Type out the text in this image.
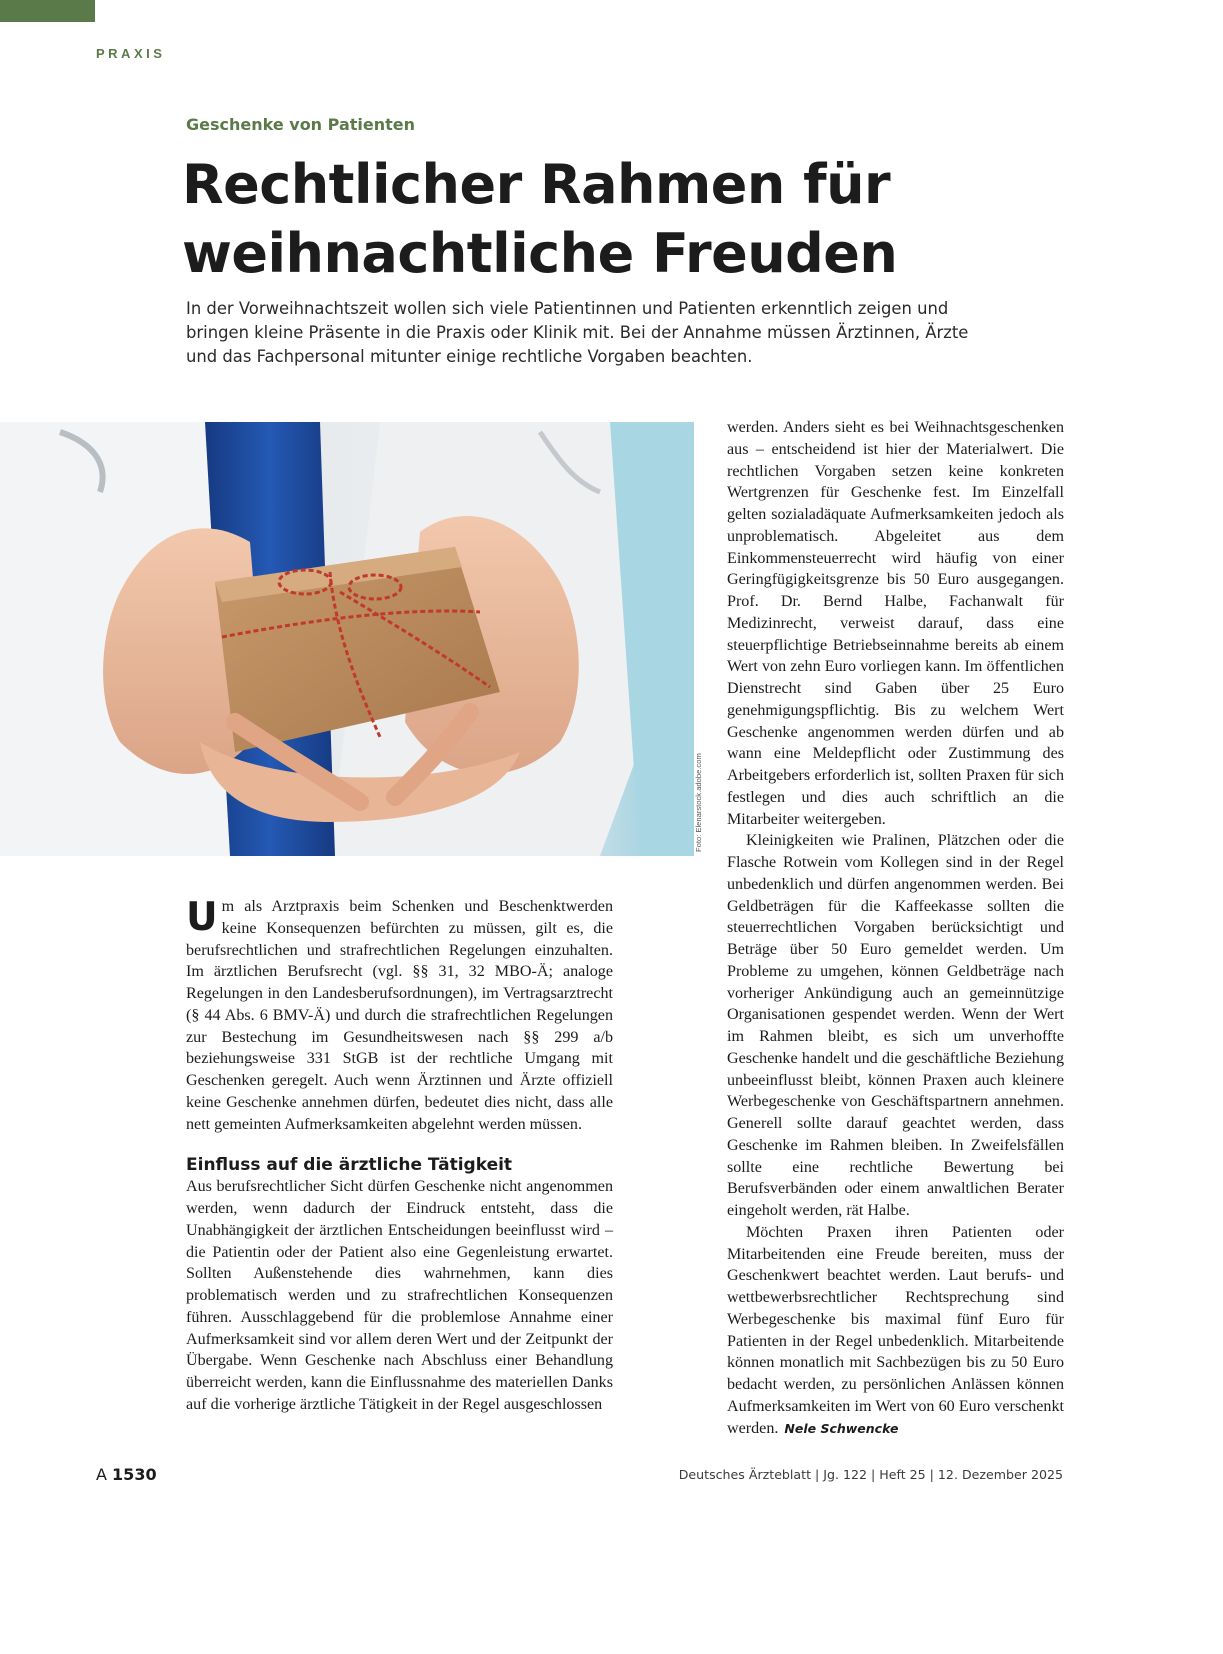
PRAXIS
Geschenke von Patienten
Rechtlicher Rahmen für
weihnachtliche Freuden

In der Vorweihnachtszeit wollen sich viele Patientinnen und Patienten erkenntlich zeigen und bringen kleine Präsente in die Praxis oder Klinik mit. Bei der Annahme müssen Ärztinnen, Ärzte und das Fachpersonal mitunter einige rechtliche Vorgaben beachten.

Foto: Elenarstock.adobe.com

Um als Arztpraxis beim Schenken und Beschenktwerden keine Konsequenzen befürchten zu müssen, gilt es, die berufsrechtlichen und strafrechtlichen Regelungen einzuhalten. Im ärztlichen Berufsrecht (vgl. §§ 31, 32 MBO-Ä; analoge Regelungen in den Landesberufsordnungen), im Vertragsarztrecht (§ 44 Abs. 6 BMV-Ä) und durch die strafrechtlichen Regelungen zur Bestechung im Gesundheitswesen nach §§ 299 a/b beziehungsweise 331 StGB ist der rechtliche Umgang mit Geschenken geregelt. Auch wenn Ärztinnen und Ärzte offiziell keine Geschenke annehmen dürfen, bedeutet dies nicht, dass alle nett gemeinten Aufmerksamkeiten abgelehnt werden müssen.

Einfluss auf die ärztliche Tätigkeit

Aus berufsrechtlicher Sicht dürfen Geschenke nicht angenommen werden, wenn dadurch der Eindruck entsteht, dass die Unabhängigkeit der ärztlichen Entscheidungen beeinflusst wird – die Patientin oder der Patient also eine Gegenleistung erwartet. Sollten Außenstehende dies wahrnehmen, kann dies problematisch werden und zu strafrechtlichen Konsequenzen führen. Ausschlaggebend für die problemlose Annahme einer Aufmerksamkeit sind vor allem deren Wert und der Zeitpunkt der Übergabe. Wenn Geschenke nach Abschluss einer Behandlung überreicht werden, kann die Einflussnahme des materiellen Danks auf die vorherige ärztliche Tätigkeit in der Regel ausgeschlossen

werden. Anders sieht es bei Weihnachtsgeschenken aus – entscheidend ist hier der Materialwert. Die rechtlichen Vorgaben setzen keine konkreten Wertgrenzen für Geschenke fest. Im Einzelfall gelten sozialadäquate Aufmerksamkeiten jedoch als unproblematisch. Abgeleitet aus dem Einkommensteuerrecht wird häufig von einer Geringfügigkeitsgrenze bis 50 Euro ausgegangen. Prof. Dr. Bernd Halbe, Fachanwalt für Medizinrecht, verweist darauf, dass eine steuerpflichtige Betriebseinnahme bereits ab einem Wert von zehn Euro vorliegen kann. Im öffentlichen Dienstrecht sind Gaben über 25 Euro genehmigungspflichtig. Bis zu welchem Wert Geschenke angenommen werden dürfen und ab wann eine Meldepflicht oder Zustimmung des Arbeitgebers erforderlich ist, sollten Praxen für sich festlegen und dies auch schriftlich an die Mitarbeiter weitergeben.

Kleinigkeiten wie Pralinen, Plätzchen oder die Flasche Rotwein vom Kollegen sind in der Regel unbedenklich und dürfen angenommen werden. Bei Geldbeträgen für die Kaffeekasse sollten die steuerrechtlichen Vorgaben berücksichtigt und Beträge über 50 Euro gemeldet werden. Um Probleme zu umgehen, können Geldbeträge nach vorheriger Ankündigung auch an gemeinnützige Organisationen gespendet werden. Wenn der Wert im Rahmen bleibt, es sich um unverhoffte Geschenke handelt und die geschäftliche Beziehung unbeeinflusst bleibt, können Praxen auch kleinere Werbegeschenke von Geschäftspartnern annehmen. Generell sollte darauf geachtet werden, dass Geschenke im Rahmen bleiben. In Zweifelsfällen sollte eine rechtliche Bewertung bei Berufsverbänden oder einem anwaltlichen Berater eingeholt werden, rät Halbe.

Möchten Praxen ihren Patienten oder Mitarbeitenden eine Freude bereiten, muss der Geschenkwert beachtet werden. Laut berufs- und wettbewerbsrechtlicher Rechtsprechung sind Werbegeschenke bis maximal fünf Euro für Patienten in der Regel unbedenklich. Mitarbeitende können monatlich mit Sachbezügen bis zu 50 Euro bedacht werden, zu persönlichen Anlässen können Aufmerksamkeiten im Wert von 60 Euro verschenkt werden. Nele Schwencke

A 1530	Deutsches Ärzteblatt | Jg. 122 | Heft 25 | 12. Dezember 2025
